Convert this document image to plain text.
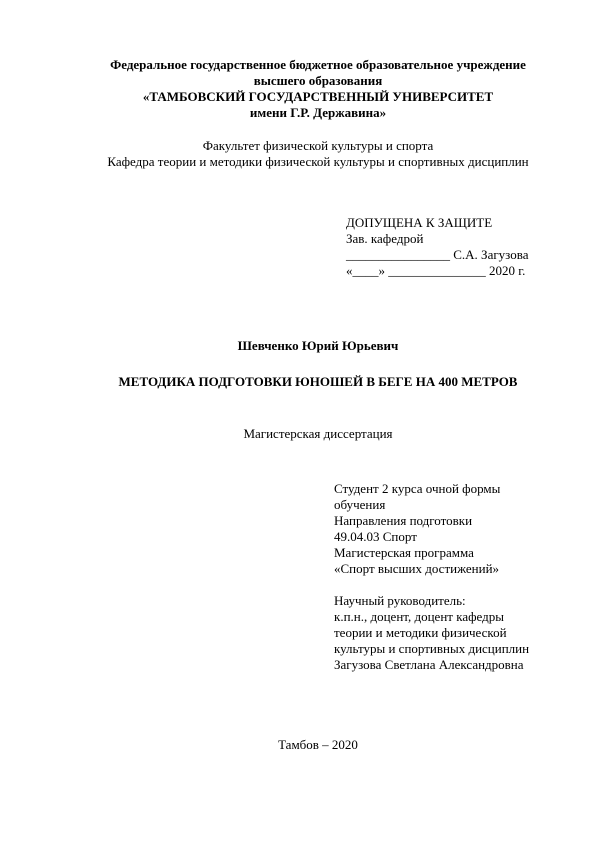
Федеральное государственное бюджетное образовательное учреждение
высшего образования
«ТАМБОВСКИЙ ГОСУДАРСТВЕННЫЙ УНИВЕРСИТЕТ
имени Г.Р. Державина»
Факультет физической культуры и спорта
Кафедра теории и методики физической культуры и спортивных дисциплин
ДОПУЩЕНА К ЗАЩИТЕ
Зав. кафедрой
________________ С.А. Загузова
«____» _______________ 2020 г.
Шевченко Юрий Юрьевич
МЕТОДИКА ПОДГОТОВКИ ЮНОШЕЙ В БЕГЕ НА 400 МЕТРОВ
Магистерская диссертация
Студент 2 курса очной формы
обучения
Направления подготовки
49.04.03 Спорт
Магистерская программа
«Спорт высших достижений»
Научный руководитель:
к.п.н., доцент, доцент кафедры
теории и методики физической
культуры и спортивных дисциплин
Загузова Светлана Александровна
Тамбов – 2020
